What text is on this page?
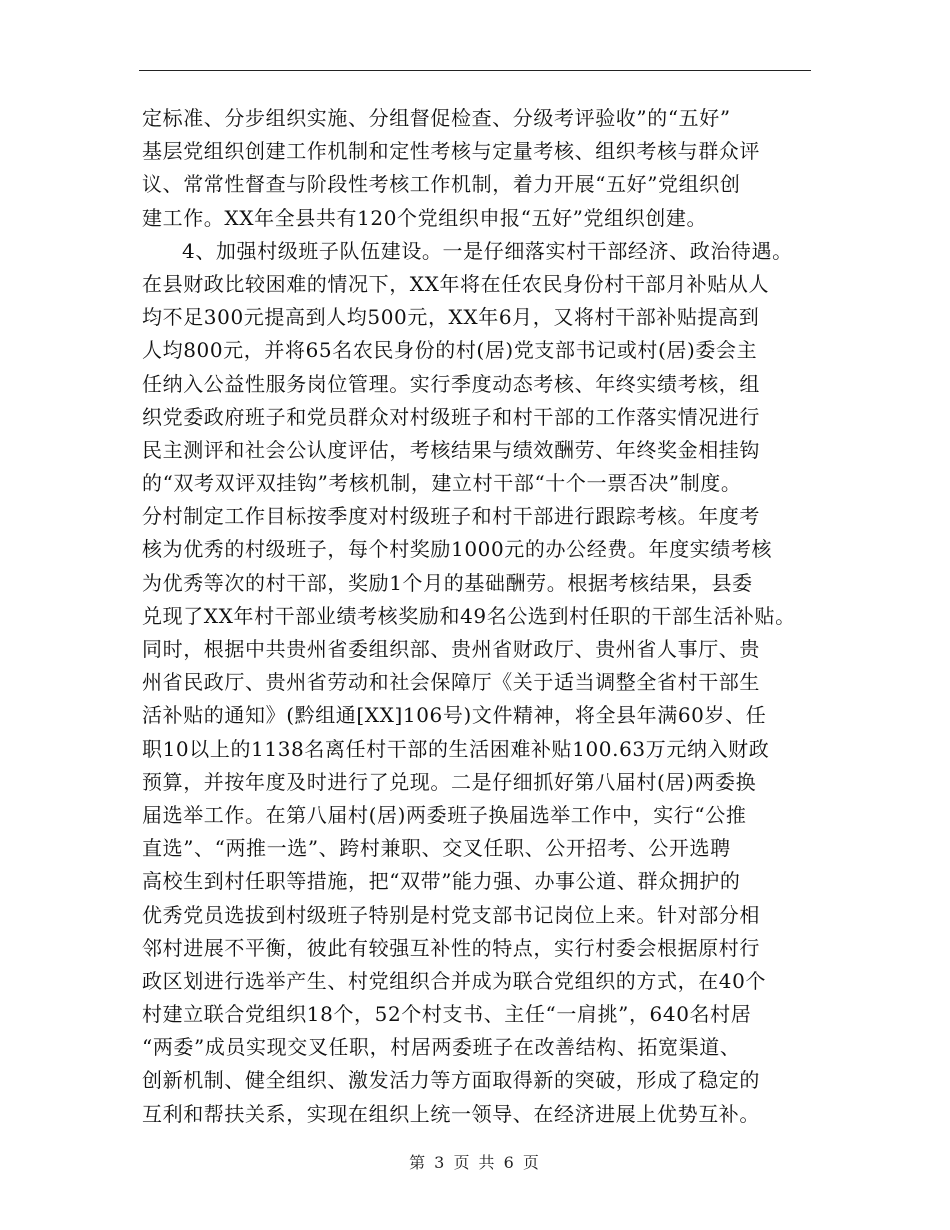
定标准、分步组织实施、分组督促检查、分级考评验收”的“五好”
基层党组织创建工作机制和定性考核与定量考核、组织考核与群众评
议、常常性督查与阶段性考核工作机制，着力开展“五好”党组织创
建工作。XX年全县共有120个党组织申报“五好”党组织创建。
4、加强村级班子队伍建设。一是仔细落实村干部经济、政治待遇。
在县财政比较困难的情况下，XX年将在任农民身份村干部月补贴从人
均不足300元提高到人均500元，XX年6月，又将村干部补贴提高到
人均800元，并将65名农民身份的村(居)党支部书记或村(居)委会主
任纳入公益性服务岗位管理。实行季度动态考核、年终实绩考核，组
织党委政府班子和党员群众对村级班子和村干部的工作落实情况进行
民主测评和社会公认度评估，考核结果与绩效酬劳、年终奖金相挂钩
的“双考双评双挂钩”考核机制，建立村干部“十个一票否决”制度。
分村制定工作目标按季度对村级班子和村干部进行跟踪考核。年度考
核为优秀的村级班子，每个村奖励1000元的办公经费。年度实绩考核
为优秀等次的村干部，奖励1个月的基础酬劳。根据考核结果，县委
兑现了XX年村干部业绩考核奖励和49名公选到村任职的干部生活补贴。
同时，根据中共贵州省委组织部、贵州省财政厅、贵州省人事厅、贵
州省民政厅、贵州省劳动和社会保障厅《关于适当调整全省村干部生
活补贴的通知》(黔组通[XX]106号)文件精神，将全县年满60岁、任
职10以上的1138名离任村干部的生活困难补贴100.63万元纳入财政
预算，并按年度及时进行了兑现。二是仔细抓好第八届村(居)两委换
届选举工作。在第八届村(居)两委班子换届选举工作中，实行“公推
直选”、“两推一选”、跨村兼职、交叉任职、公开招考、公开选聘
高校生到村任职等措施，把“双带”能力强、办事公道、群众拥护的
优秀党员选拔到村级班子特别是村党支部书记岗位上来。针对部分相
邻村进展不平衡，彼此有较强互补性的特点，实行村委会根据原村行
政区划进行选举产生、村党组织合并成为联合党组织的方式，在40个
村建立联合党组织18个，52个村支书、主任“一肩挑”，640名村居
“两委”成员实现交叉任职，村居两委班子在改善结构、拓宽渠道、
创新机制、健全组织、激发活力等方面取得新的突破，形成了稳定的
互利和帮扶关系，实现在组织上统一领导、在经济进展上优势互补。
第 3 页 共 6 页
